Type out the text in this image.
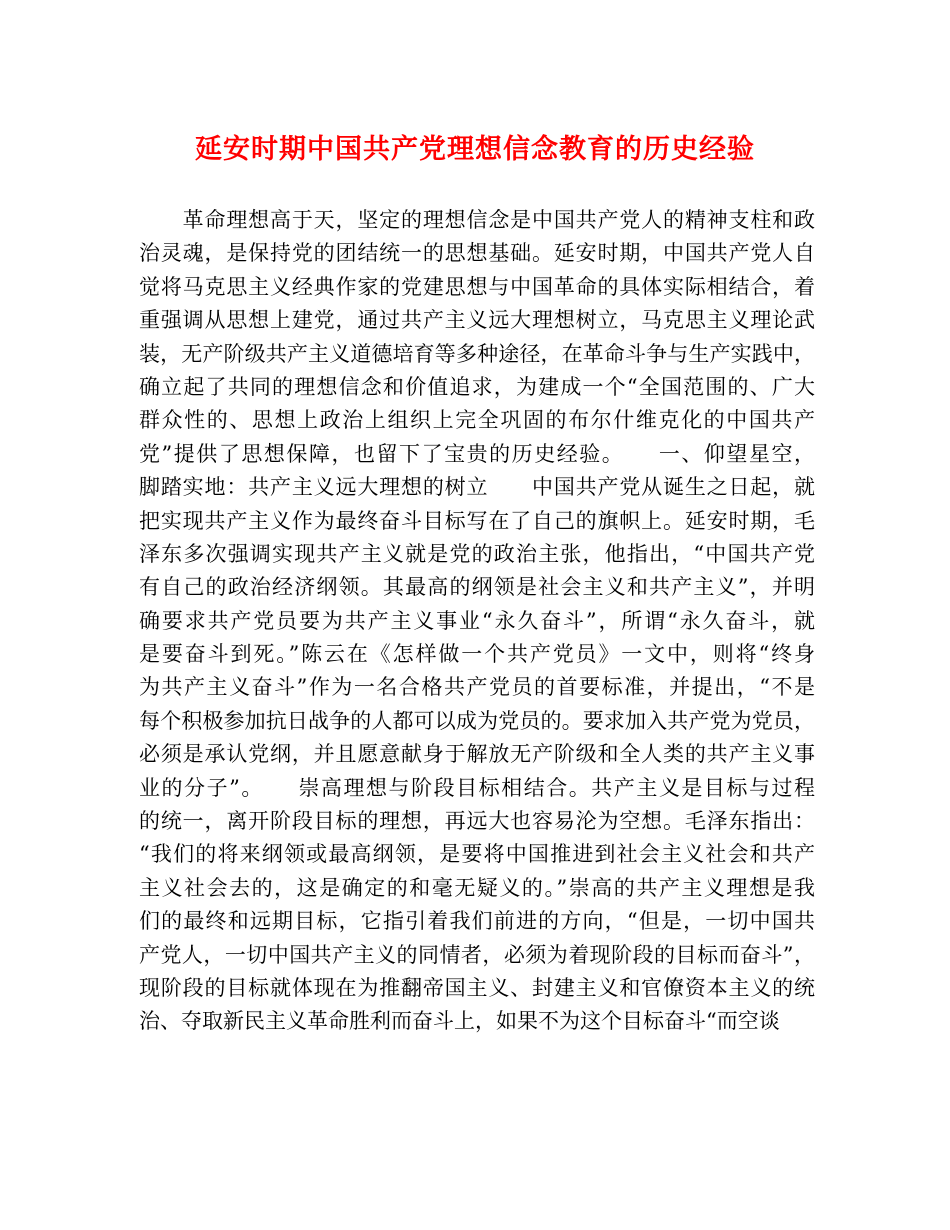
延安时期中国共产党理想信念教育的历史经验
　　革命理想高于天，坚定的理想信念是中国共产党人的精神支柱和政
治灵魂，是保持党的团结统一的思想基础。延安时期，中国共产党人自
觉将马克思主义经典作家的党建思想与中国革命的具体实际相结合，着
重强调从思想上建党，通过共产主义远大理想树立，马克思主义理论武
装，无产阶级共产主义道德培育等多种途径，在革命斗争与生产实践中，
确立起了共同的理想信念和价值追求，为建成一个“全国范围的、广大
群众性的、思想上政治上组织上完全巩固的布尔什维克化的中国共产
党”提供了思想保障，也留下了宝贵的历史经验。　　一、仰望星空，
脚踏实地：共产主义远大理想的树立　　中国共产党从诞生之日起，就
把实现共产主义作为最终奋斗目标写在了自己的旗帜上。延安时期，毛
泽东多次强调实现共产主义就是党的政治主张，他指出，“中国共产党
有自己的政治经济纲领。其最高的纲领是社会主义和共产主义”，并明
确要求共产党员要为共产主义事业“永久奋斗”，所谓“永久奋斗，就
是要奋斗到死。”陈云在《怎样做一个共产党员》一文中，则将“终身
为共产主义奋斗”作为一名合格共产党员的首要标准，并提出，“不是
每个积极参加抗日战争的人都可以成为党员的。要求加入共产党为党员，
必须是承认党纲，并且愿意献身于解放无产阶级和全人类的共产主义事
业的分子”。　　崇高理想与阶段目标相结合。共产主义是目标与过程
的统一，离开阶段目标的理想，再远大也容易沦为空想。毛泽东指出：
“我们的将来纲领或最高纲领，是要将中国推进到社会主义社会和共产
主义社会去的，这是确定的和毫无疑义的。”崇高的共产主义理想是我
们的最终和远期目标，它指引着我们前进的方向，“但是，一切中国共
产党人，一切中国共产主义的同情者，必须为着现阶段的目标而奋斗”，
现阶段的目标就体现在为推翻帝国主义、封建主义和官僚资本主义的统
治、夺取新民主义革命胜利而奋斗上，如果不为这个目标奋斗“而空谈
